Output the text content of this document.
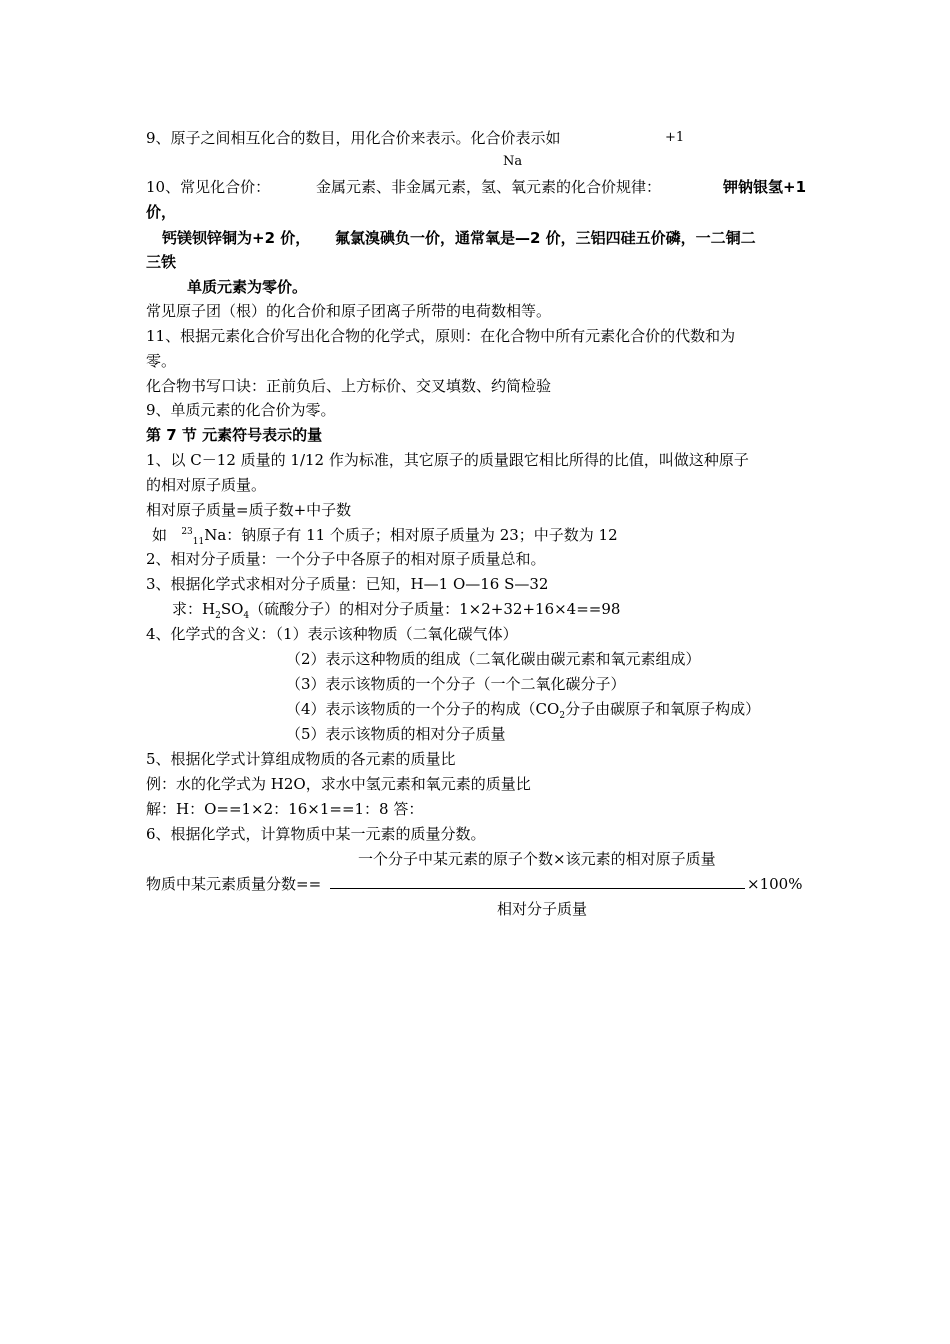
9、原子之间相互化合的数目，用化合价来表示。化合价表示如	+1
Na
10、常见化合价：	金属元素、非金属元素，氢、氧元素的化合价规律：	钾钠银氢+1
价，
钙镁钡锌铜为+2 价， 氟氯溴碘负一价，通常氧是—2 价，三铝四硅五价磷，一二铜二
三铁
单质元素为零价。
常见原子团（根）的化合价和原子团离子所带的电荷数相等。
11、根据元素化合价写出化合物的化学式，原则：在化合物中所有元素化合价的代数和为
零。
化合物书写口诀：正前负后、上方标价、交叉填数、约简检验
9、单质元素的化合价为零。
第 7 节 元素符号表示的量
1、以 C－12 质量的 1/12 作为标准，其它原子的质量跟它相比所得的比值，叫做这种原子
的相对原子质量。
相对原子质量=质子数+中子数
如 $^{23}_{11}$Na：钠原子有 11 个质子；相对原子质量为 23；中子数为 12
2、相对分子质量：一个分子中各原子的相对原子质量总和。
3、根据化学式求相对分子质量：已知，H—1 O—16 S—32
求：$H_2SO_4$（硫酸分子）的相对分子质量：1×2+32+16×4==98
4、化学式的含义：（1）表示该种物质（二氧化碳气体）
（2）表示这种物质的组成（二氧化碳由碳元素和氧元素组成）
（3）表示该物质的一个分子（一个二氧化碳分子）
（4）表示该物质的一个分子的构成（$CO_2$分子由碳原子和氧原子构成）
（5）表示该物质的相对分子质量
5、根据化学式计算组成物质的各元素的质量比
例：水的化学式为 H2O，求水中氢元素和氧元素的质量比
解：H：O==1×2：16×1==1：8 答：
6、根据化学式，计算物质中某一元素的质量分数。
一个分子中某元素的原子个数×该元素的相对原子质量
物质中某元素质量分数==	×100%
相对分子质量
